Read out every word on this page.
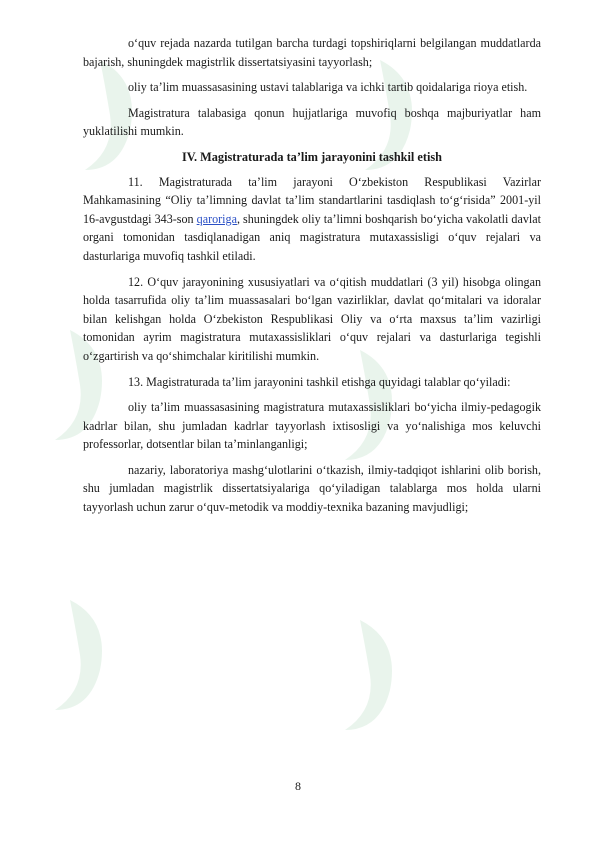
o‘quv rejada nazarda tutilgan barcha turdagi topshiriqlarni belgilangan muddatlarda bajarish, shuningdek magistrlik dissertatsiyasini tayyorlash;

oliy ta’lim muassasasining ustavi talablariga va ichki tartib qoidalariga rioya etish.

Magistratura talabasiga qonun hujjatlariga muvofiq boshqa majburiyatlar ham yuklatilishi mumkin.

IV. Magistraturada ta’lim jarayonini tashkil etish

11. Magistraturada ta’lim jarayoni O‘zbekiston Respublikasi Vazirlar Mahkamasining “Oliy ta’limning davlat ta’lim standartlarini tasdiqlash to‘g‘risida” 2001-yil 16-avgustdagi 343-son qaroriga, shuningdek oliy ta’limni boshqarish bo‘yicha vakolatli davlat organi tomonidan tasdiqlanadigan aniq magistratura mutaxassisligi o‘quv rejalari va dasturlariga muvofiq tashkil etiladi.

12. O‘quv jarayonining xususiyatlari va o‘qitish muddatlari (3 yil) hisobga olingan holda tasarrufida oliy ta’lim muassasalari bo‘lgan vazirliklar, davlat qo‘mitalari va idoralar bilan kelishgan holda O‘zbekiston Respublikasi Oliy va o‘rta maxsus ta’lim vazirligi tomonidan ayrim magistratura mutaxassisliklari o‘quv rejalari va dasturlariga tegishli o‘zgartirish va qo‘shimchalar kiritilishi mumkin.

13. Magistraturada ta’lim jarayonini tashkil etishga quyidagi talablar qo‘yiladi:

oliy ta’lim muassasasining magistratura mutaxassisliklari bo‘yicha ilmiy-pedagogik kadrlar bilan, shu jumladan kadrlar tayyorlash ixtisosligi va yo‘nalishiga mos keluvchi professorlar, dotsentlar bilan ta’minlanganligi;

nazariy, laboratoriya mashg‘ulotlarini o‘tkazish, ilmiy-tadqiqot ishlarini olib borish, shu jumladan magistrlik dissertatsiyalariga qo‘yiladigan talablarga mos holda ularni tayyorlash uchun zarur o‘quv-metodik va moddiy-texnika bazaning mavjudligi;

8
